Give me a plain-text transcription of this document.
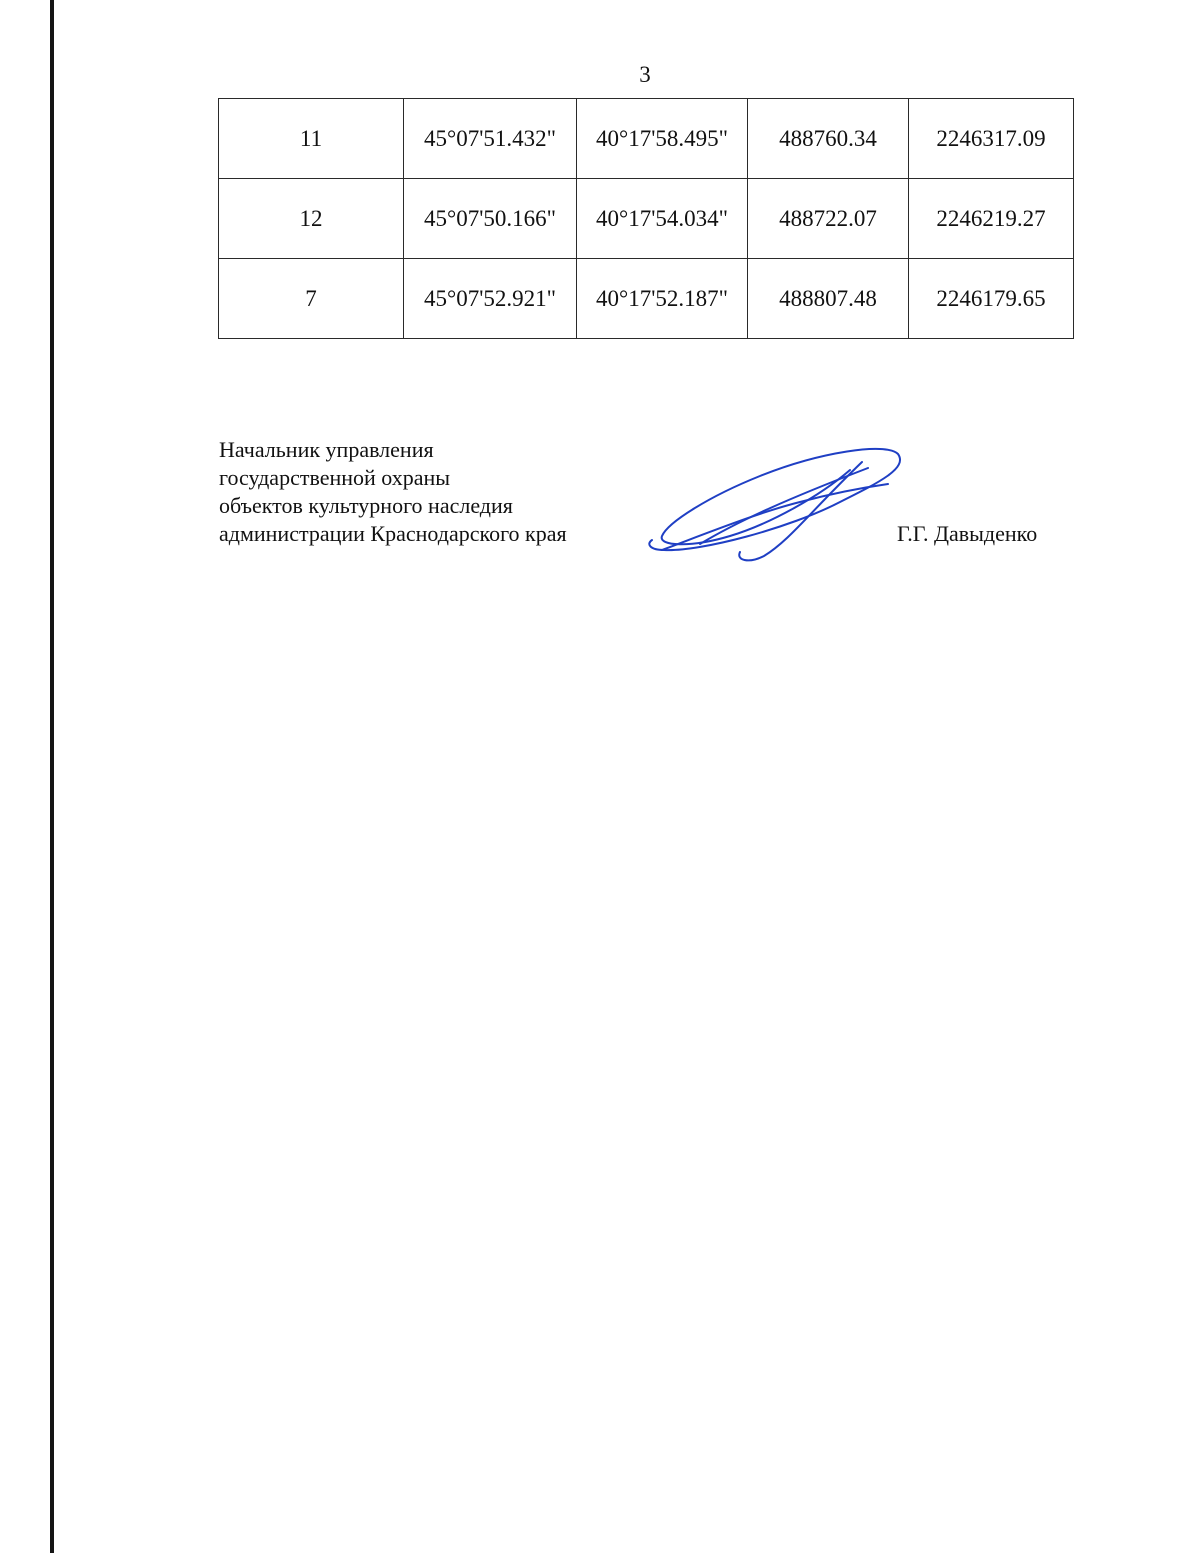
3
11	45°07'51.432"	40°17'58.495"	488760.34	2246317.09
12	45°07'50.166"	40°17'54.034"	488722.07	2246219.27
7	45°07'52.921"	40°17'52.187"	488807.48	2246179.65
Начальник управления
государственной охраны
объектов культурного наследия
администрации Краснодарского края	Г.Г. Давыденко
